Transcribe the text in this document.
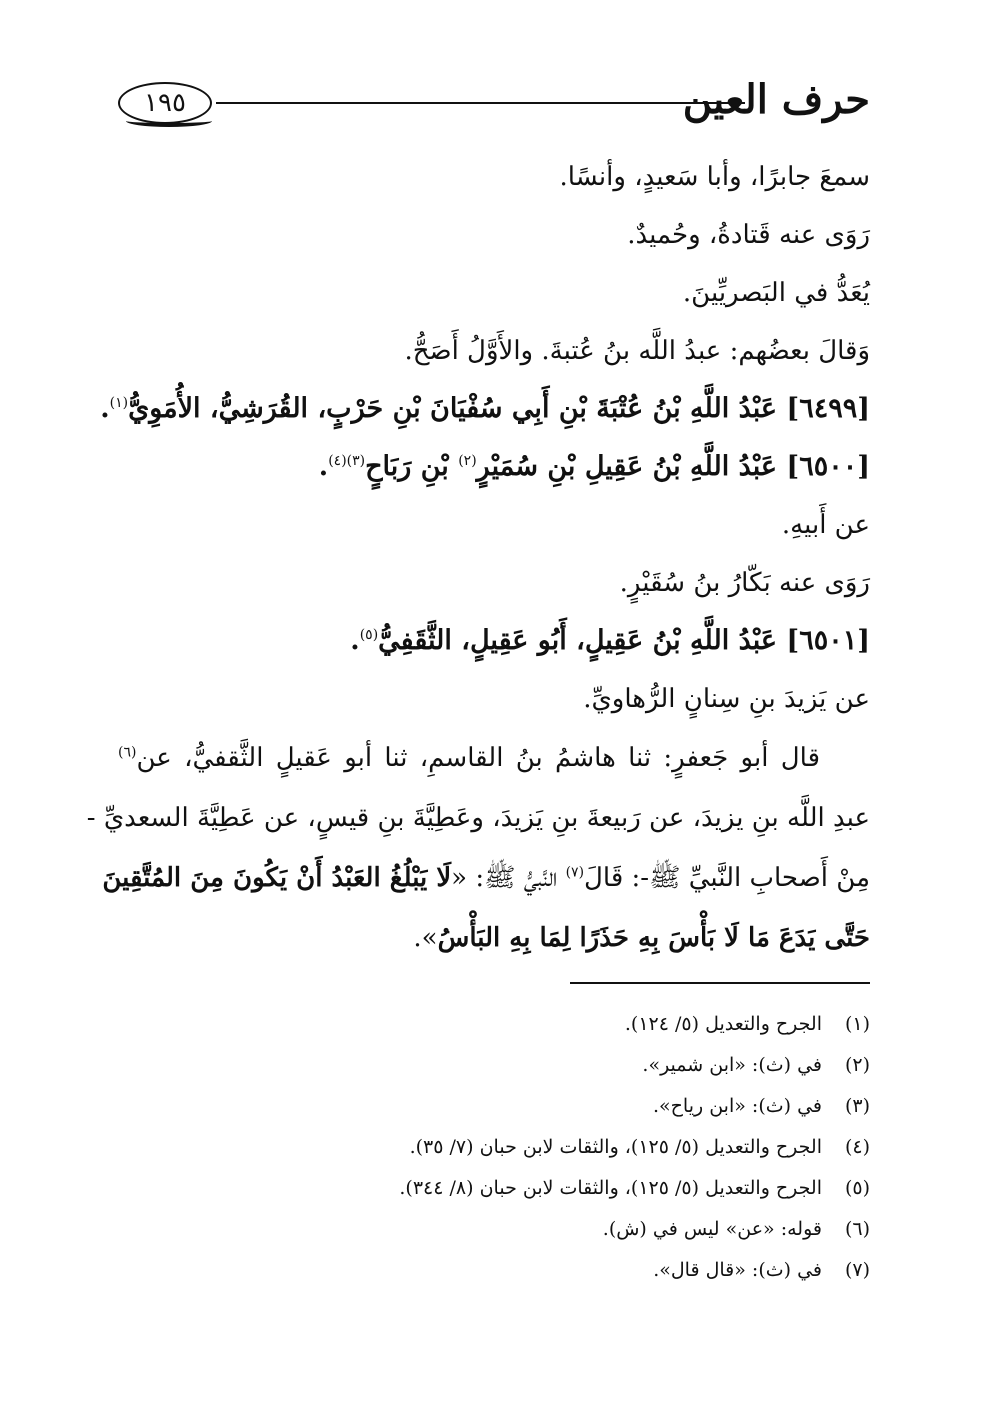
حرف العين
١٩٥
سمعَ جابرًا، وأبا سَعيدٍ، وأنسًا.
رَوَى عنه قَتادةُ، وحُميدٌ.
يُعَدُّ في البَصريِّينَ.
وَقالَ بعضُهم: عبدُ اللَّه بنُ عُتبةَ. والأَوَّلُ أَصَحُّ.
[٦٤٩٩] عَبْدُ اللَّهِ بْنُ عُتْبَةَ بْنِ أَبِي سُفْيَانَ بْنِ حَرْبٍ، القُرَشِيُّ، الأُمَوِيُّ$^{(١)}$.
[٦٥٠٠] عَبْدُ اللَّهِ بْنُ عَقِيلِ بْنِ سُمَيْرٍ$^{(٢)}$ بْنِ رَبَاحٍ$^{(٣)(٤)}$.
عن أَبيهِ.
رَوَى عنه بَكّارُ بنُ سُقَيْرٍ.
[٦٥٠١] عَبْدُ اللَّهِ بْنُ عَقِيلٍ، أَبُو عَقِيلٍ، الثَّقَفِيُّ$^{(٥)}$.
عن يَزيدَ بنِ سِنانٍ الرُّهاويِّ.
قال أبو جَعفرٍ: ثنا هاشمُ بنُ القاسمِ، ثنا أبو عَقيلٍ الثَّقفيُّ، عن$^{(٦)}$
عبدِ اللَّه بنِ يزيدَ، عن رَبيعةَ بنِ يَزيدَ، وعَطِيَّةَ بنِ قيسٍ، عن عَطِيَّةَ السعديِّ -
مِنْ أَصحابِ النَّبيِّ ﷺ-: قَالَ$^{(٧)}$ النَّبيُّ ﷺ: «لَا يَبْلُغُ العَبْدُ أَنْ يَكُونَ مِنَ المُتَّقِينَ
حَتَّى يَدَعَ مَا لَا بَأْسَ بِهِ حَذَرًا لِمَا بِهِ البَأْسُ».
(١)الجرح والتعديل (٥/ ١٢٤).
(٢)في (ث): «ابن شمير».
(٣)في (ث): «ابن رياح».
(٤)الجرح والتعديل (٥/ ١٢٥)، والثقات لابن حبان (٧/ ٣٥).
(٥)الجرح والتعديل (٥/ ١٢٥)، والثقات لابن حبان (٨/ ٣٤٤).
(٦)قوله: «عن» ليس في (ش).
(٧)في (ث): «قال قال».
